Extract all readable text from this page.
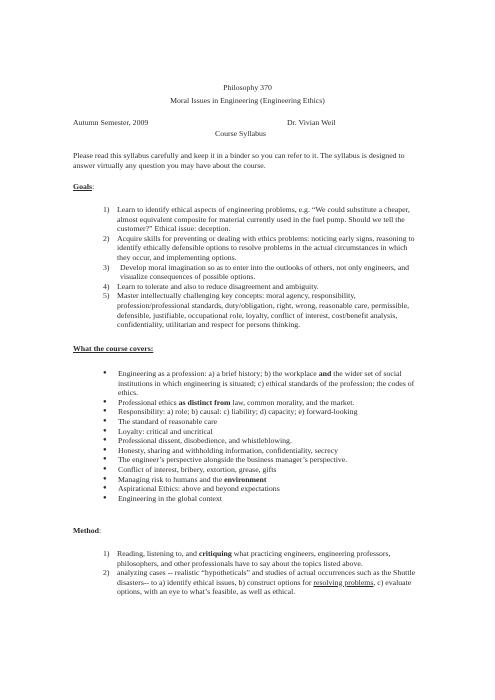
Philosophy 370
Moral Issues in Engineering (Engineering Ethics)
Autumn Semester, 2009	Dr. Vivian Weil
Course Syllabus
Please read this syllabus carefully and keep it in a binder so you can refer to it. The syllabus is designed to answer virtually any question you may have about the course.
Goals:
1) Learn to identify ethical aspects of engineering problems, e.g. “We could substitute a cheaper, almost equivalent composite for material currently used in the fuel pump. Should we tell the customer?” Ethical issue: deception.
2) Acquire skills for preventing or dealing with ethics problems: noticing early signs, reasoning to identify ethically defensible options to resolve problems in the actual circumstances in which they occur, and implementing options.
3) Develop moral imagination so as to enter into the outlooks of others, not only engineers, and visualize consequences of possible options.
4) Learn to tolerate and also to reduce disagreement and ambiguity.
5) Master intellectually challenging key concepts: moral agency, responsibility, profession/professional standards, duty/obligation, right, wrong, reasonable care, permissible, defensible, justifiable, occupational role, loyalty, conflict of interest, cost/benefit analysis, confidentiality, utilitarian and respect for persons thinking.
What the course covers:
● Engineering as a profession: a) a brief history; b) the workplace and the wider set of social institutions in which engineering is situated; c) ethical standards of the profession; the codes of ethics.
● Professional ethics as distinct from law, common morality, and the market.
● Responsibility: a) role; b) causal: c) liability; d) capacity; e) forward-looking
● The standard of reasonable care
● Loyalty: critical and uncritical
● Professional dissent, disobedience, and whistleblowing.
● Honesty, sharing and withholding information, confidentiality, secrecy
● The engineer’s perspective alongside the business manager’s perspective.
● Conflict of interest, bribery, extortion, grease, gifts
● Managing risk to humans and the environment
● Aspirational Ethics: above and beyond expectations
● Engineering in the global context
Method:
1) Reading, listening to, and critiquing what practicing engineers, engineering professors, philosophers, and other professionals have to say about the topics listed above.
2) analyzing cases -- realistic “hypotheticals” and studies of actual occurrences such as the Shuttle disasters-- to a) identify ethical issues, b) construct options for resolving problems, c) evaluate options, with an eye to what’s feasible, as well as ethical.
